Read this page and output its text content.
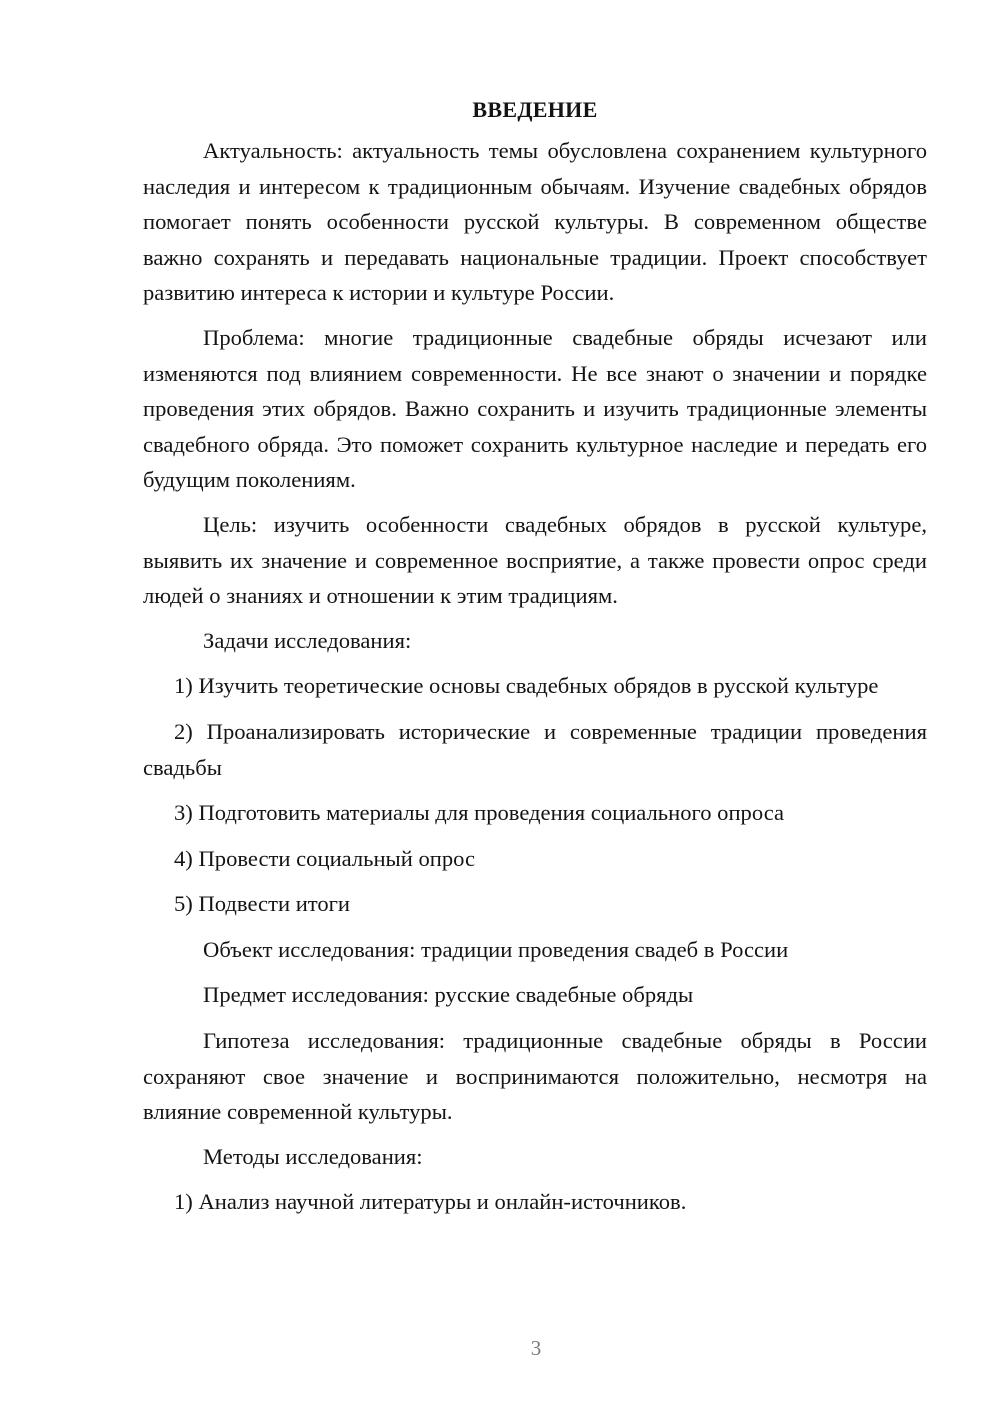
ВВЕДЕНИЕ

Актуальность: актуальность темы обусловлена сохранением культурного наследия и интересом к традиционным обычаям. Изучение свадебных обрядов помогает понять особенности русской культуры. В современном обществе важно сохранять и передавать национальные традиции. Проект способствует развитию интереса к истории и культуре России.

Проблема: многие традиционные свадебные обряды исчезают или изменяются под влиянием современности. Не все знают о значении и порядке проведения этих обрядов. Важно сохранить и изучить традиционные элементы свадебного обряда. Это поможет сохранить культурное наследие и передать его будущим поколениям.

Цель: изучить особенности свадебных обрядов в русской культуре, выявить их значение и современное восприятие, а также провести опрос среди людей о знаниях и отношении к этим традициям.

Задачи исследования:

1) Изучить теоретические основы свадебных обрядов в русской культуре

2) Проанализировать исторические и современные традиции проведения свадьбы

3) Подготовить материалы для проведения социального опроса

4) Провести социальный опрос

5) Подвести итоги

Объект исследования: традиции проведения свадеб в России

Предмет исследования: русские свадебные обряды

Гипотеза исследования: традиционные свадебные обряды в России сохраняют свое значение и воспринимаются положительно, несмотря на влияние современной культуры.

Методы исследования:

1) Анализ научной литературы и онлайн-источников.

3
